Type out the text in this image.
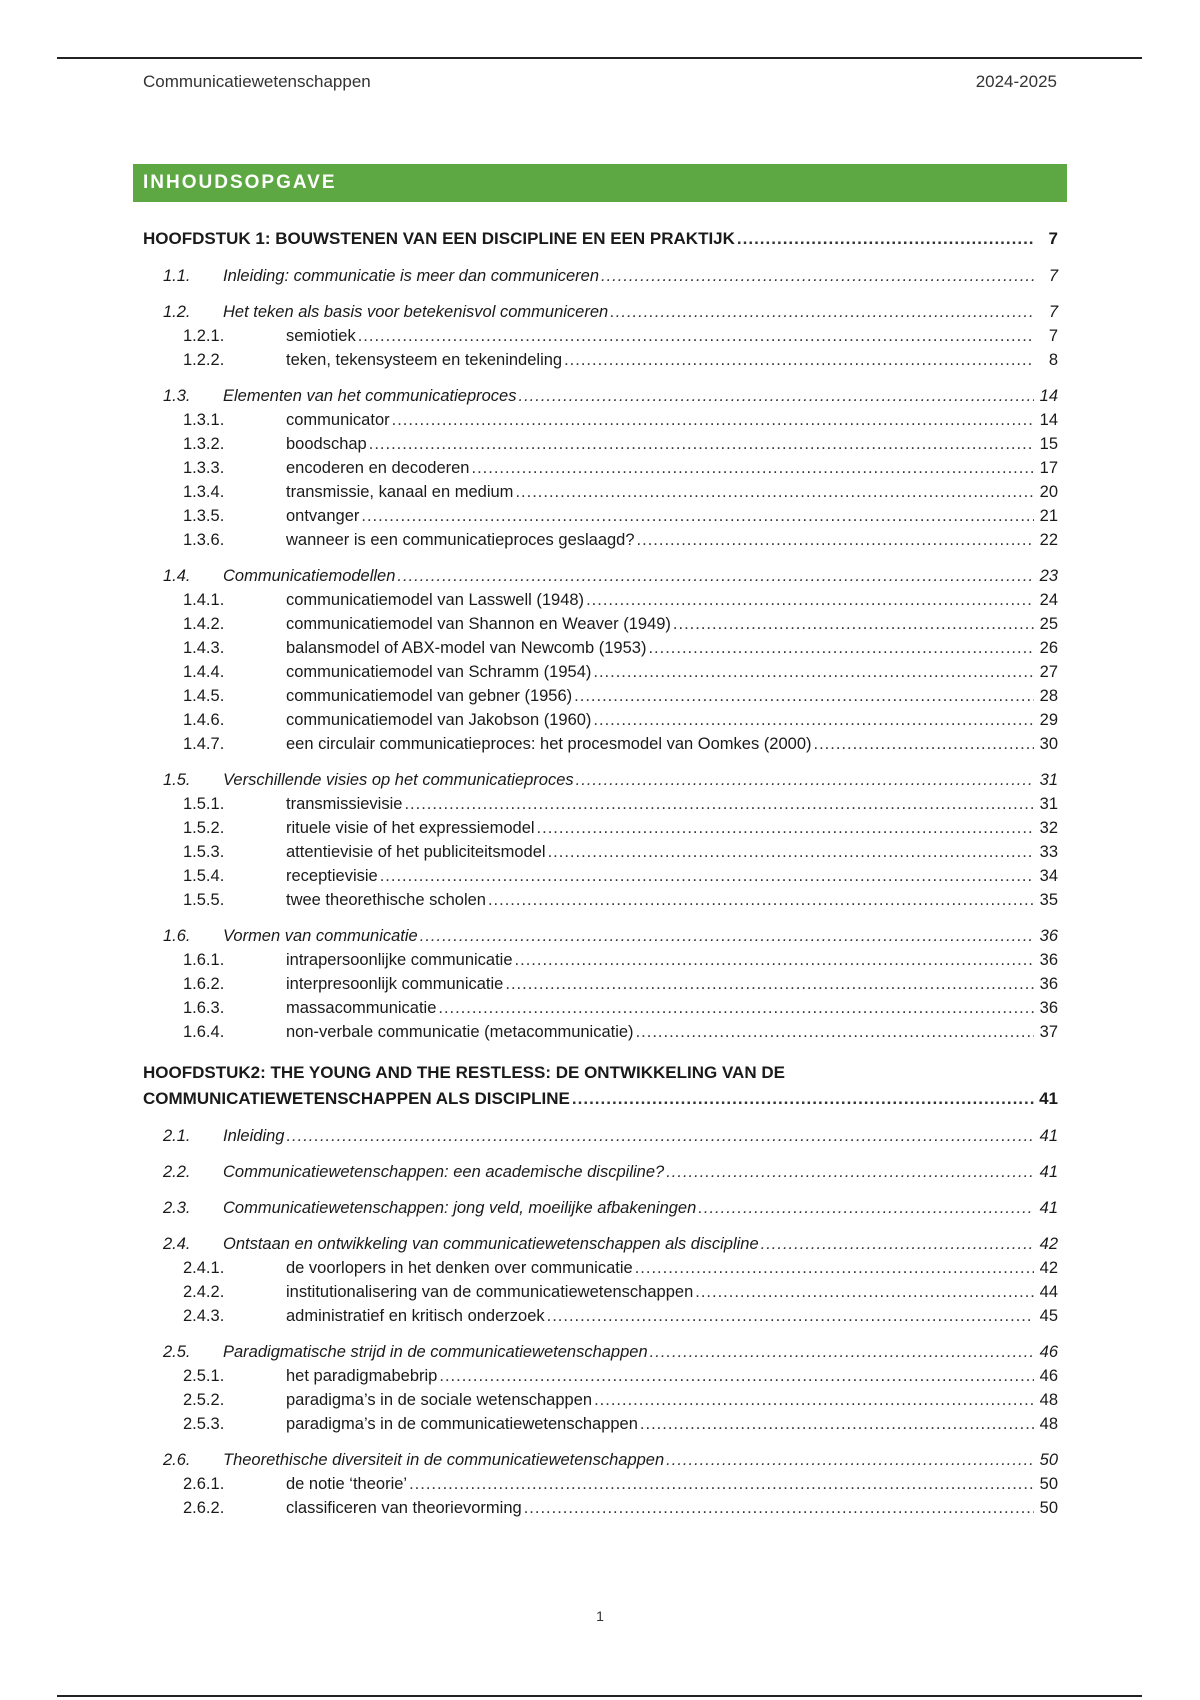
Communicatiewetenschappen	2024-2025
INHOUDSOPGAVE
HOOFDSTUK 1: BOUWSTENEN VAN EEN DISCIPLINE EN EEN PRAKTIJK .....	7
1.1.	Inleiding: communicatie is meer dan communiceren .....	7
1.2.	Het teken als basis voor betekenisvol communiceren .....	7
1.2.1.	semiotiek .....	7
1.2.2.	teken, tekensysteem en tekenindeling .....	8
1.3.	Elementen van het communicatieproces .....	14
1.3.1.	communicator .....	14
1.3.2.	boodschap .....	15
1.3.3.	encoderen en decoderen .....	17
1.3.4.	transmissie, kanaal en medium .....	20
1.3.5.	ontvanger .....	21
1.3.6.	wanneer is een communicatieproces geslaagd? .....	22
1.4.	Communicatiemodellen .....	23
1.4.1.	communicatiemodel van Lasswell (1948) .....	24
1.4.2.	communicatiemodel van Shannon en Weaver (1949) .....	25
1.4.3.	balansmodel of ABX-model van Newcomb (1953) .....	26
1.4.4.	communicatiemodel van Schramm (1954) .....	27
1.4.5.	communicatiemodel van gebner (1956) .....	28
1.4.6.	communicatiemodel van Jakobson (1960) .....	29
1.4.7.	een circulair communicatieproces: het procesmodel van Oomkes (2000) .....	30
1.5.	Verschillende visies op het communicatieproces .....	31
1.5.1.	transmissievisie .....	31
1.5.2.	rituele visie of het expressiemodel .....	32
1.5.3.	attentievisie of het publiciteitsmodel .....	33
1.5.4.	receptievisie .....	34
1.5.5.	twee theorethische scholen .....	35
1.6.	Vormen van communicatie .....	36
1.6.1.	intrapersoonlijke communicatie .....	36
1.6.2.	interpresoonlijk communicatie .....	36
1.6.3.	massacommunicatie .....	36
1.6.4.	non-verbale communicatie (metacommunicatie) .....	37
HOOFDSTUK2: THE YOUNG AND THE RESTLESS: DE ONTWIKKELING VAN DE
COMMUNICATIEWETENSCHAPPEN ALS DISCIPLINE .....	41
2.1.	Inleiding .....	41
2.2.	Communicatiewetenschappen: een academische discpiline? .....	41
2.3.	Communicatiewetenschappen: jong veld, moeilijke afbakeningen .....	41
2.4.	Ontstaan en ontwikkeling van communicatiewetenschappen als discipline .....	42
2.4.1.	de voorlopers in het denken over communicatie .....	42
2.4.2.	institutionalisering van de communicatiewetenschappen .....	44
2.4.3.	administratief en kritisch onderzoek .....	45
2.5.	Paradigmatische strijd in de communicatiewetenschappen .....	46
2.5.1.	het paradigmabebrip .....	46
2.5.2.	paradigma’s in de sociale wetenschappen .....	48
2.5.3.	paradigma’s in de communicatiewetenschappen .....	48
2.6.	Theorethische diversiteit in de communicatiewetenschappen .....	50
2.6.1.	de notie ‘theorie’ .....	50
2.6.2.	classificeren van theorievorming .....	50
1
